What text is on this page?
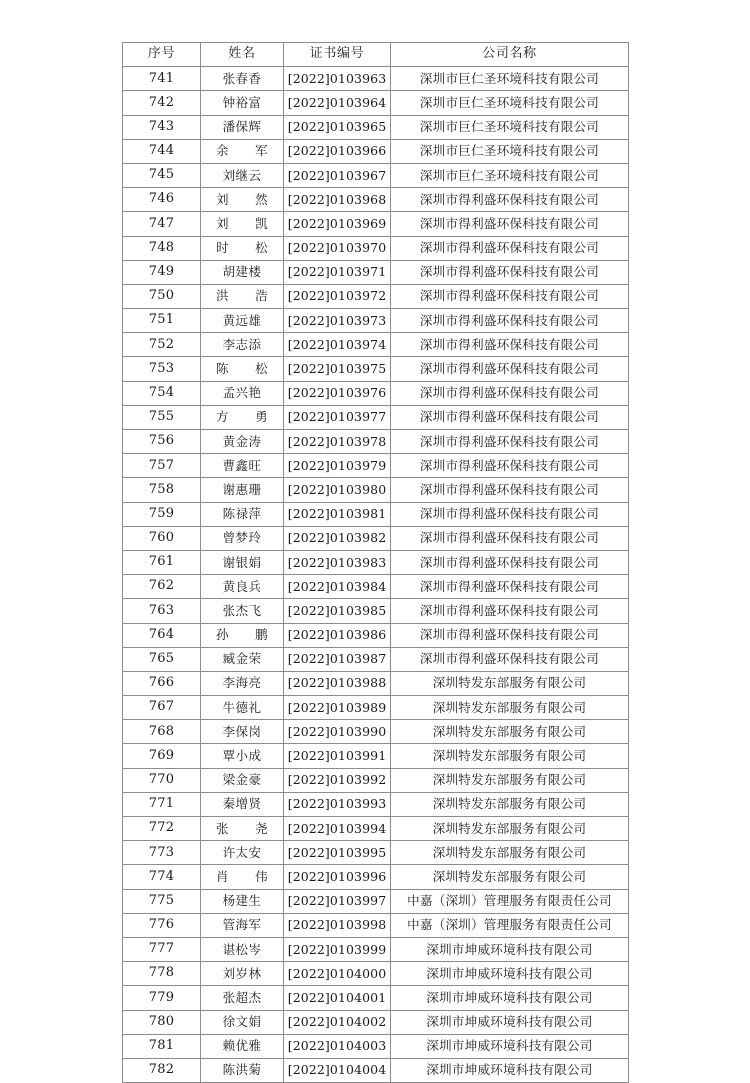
序号	姓名	证书编号	公司名称
741	张春香	[2022]0103963	深圳市巨仁圣环境科技有限公司
742	钟裕富	[2022]0103964	深圳市巨仁圣环境科技有限公司
743	潘保辉	[2022]0103965	深圳市巨仁圣环境科技有限公司
744	余军	[2022]0103966	深圳市巨仁圣环境科技有限公司
745	刘继云	[2022]0103967	深圳市巨仁圣环境科技有限公司
746	刘然	[2022]0103968	深圳市得利盛环保科技有限公司
747	刘凯	[2022]0103969	深圳市得利盛环保科技有限公司
748	时松	[2022]0103970	深圳市得利盛环保科技有限公司
749	胡建楼	[2022]0103971	深圳市得利盛环保科技有限公司
750	洪浩	[2022]0103972	深圳市得利盛环保科技有限公司
751	黄远雄	[2022]0103973	深圳市得利盛环保科技有限公司
752	李志添	[2022]0103974	深圳市得利盛环保科技有限公司
753	陈松	[2022]0103975	深圳市得利盛环保科技有限公司
754	孟兴艳	[2022]0103976	深圳市得利盛环保科技有限公司
755	方勇	[2022]0103977	深圳市得利盛环保科技有限公司
756	黄金涛	[2022]0103978	深圳市得利盛环保科技有限公司
757	曹鑫旺	[2022]0103979	深圳市得利盛环保科技有限公司
758	谢惠珊	[2022]0103980	深圳市得利盛环保科技有限公司
759	陈禄萍	[2022]0103981	深圳市得利盛环保科技有限公司
760	曾梦玲	[2022]0103982	深圳市得利盛环保科技有限公司
761	谢银娟	[2022]0103983	深圳市得利盛环保科技有限公司
762	黄良兵	[2022]0103984	深圳市得利盛环保科技有限公司
763	张杰飞	[2022]0103985	深圳市得利盛环保科技有限公司
764	孙鹏	[2022]0103986	深圳市得利盛环保科技有限公司
765	臧金荣	[2022]0103987	深圳市得利盛环保科技有限公司
766	李海亮	[2022]0103988	深圳特发东部服务有限公司
767	牛德礼	[2022]0103989	深圳特发东部服务有限公司
768	李保岗	[2022]0103990	深圳特发东部服务有限公司
769	覃小成	[2022]0103991	深圳特发东部服务有限公司
770	梁金豪	[2022]0103992	深圳特发东部服务有限公司
771	秦增贤	[2022]0103993	深圳特发东部服务有限公司
772	张尧	[2022]0103994	深圳特发东部服务有限公司
773	许太安	[2022]0103995	深圳特发东部服务有限公司
774	肖伟	[2022]0103996	深圳特发东部服务有限公司
775	杨建生	[2022]0103997	中嘉（深圳）管理服务有限责任公司
776	管海军	[2022]0103998	中嘉（深圳）管理服务有限责任公司
777	谌松岑	[2022]0103999	深圳市坤威环境科技有限公司
778	刘岁林	[2022]0104000	深圳市坤威环境科技有限公司
779	张超杰	[2022]0104001	深圳市坤威环境科技有限公司
780	徐文娟	[2022]0104002	深圳市坤威环境科技有限公司
781	赖优雅	[2022]0104003	深圳市坤威环境科技有限公司
782	陈洪菊	[2022]0104004	深圳市坤威环境科技有限公司
